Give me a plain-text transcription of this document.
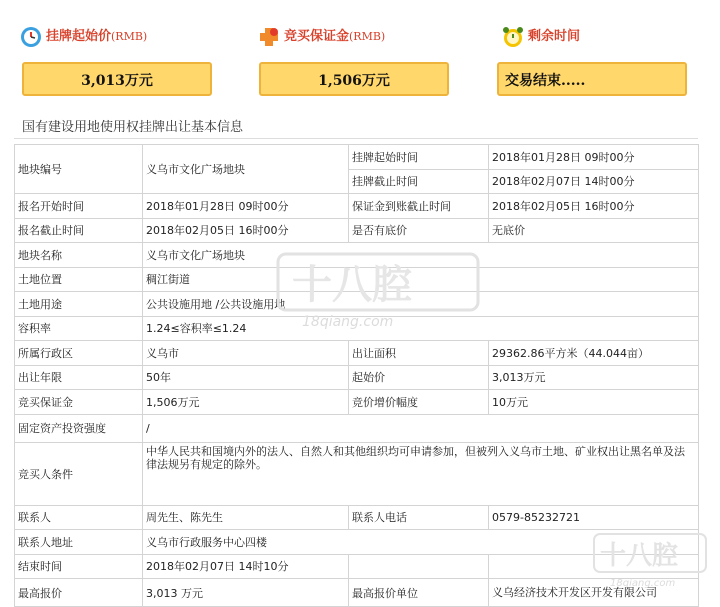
挂牌起始价(RMB)
3,013万元
竞买保证金(RMB)
1,506万元
剩余时间
交易结束.....
国有建设用地使用权挂牌出让基本信息
地块编号	义乌市文化广场地块	挂牌起始时间	2018年01月28日 09时00分
		挂牌截止时间	2018年02月07日 14时00分
报名开始时间	2018年01月28日 09时00分	保证金到账截止时间	2018年02月05日 16时00分
报名截止时间	2018年02月05日 16时00分	是否有底价	无底价
地块名称	义乌市文化广场地块		
土地位置	稠江街道		
土地用途	公共设施用地 /公共设施用地		
容积率	1.24≤容积率≤1.24		
所属行政区	义乌市	出让面积	29362.86平方米（44.044亩）
出让年限	50年	起始价	3,013万元
竞买保证金	1,506万元	竞价增价幅度	10万元
固定资产投资强度	/		
竞买人条件	中华人民共和国境内外的法人、自然人和其他组织均可申请参加，但被列入义乌市土地、矿业权出让黑名单及法律法规另有规定的除外。		
联系人	周先生、陈先生	联系人电话	0579-85232721
联系人地址	义乌市行政服务中心四楼		
结束时间	2018年02月07日 14时10分		
最高报价	3,013 万元	最高报价单位	义乌经济技术开发区开发有限公司
十八腔
18qiang.com
十八腔
18qiang.com
